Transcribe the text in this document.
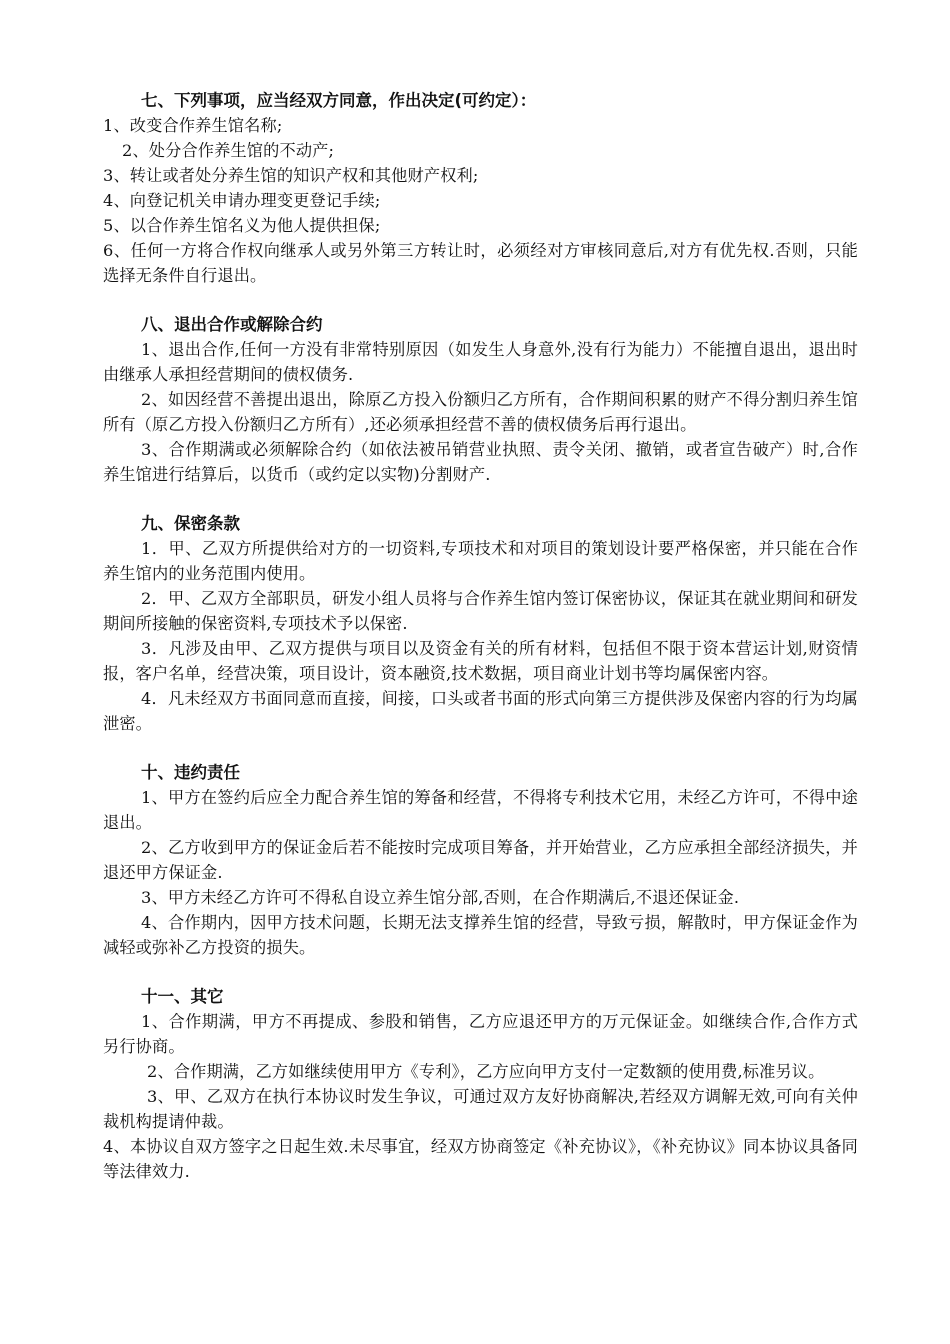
七、下列事项，应当经双方同意，作出决定(可约定）：

1、改变合作养生馆名称;

2、处分合作养生馆的不动产;

3、转让或者处分养生馆的知识产权和其他财产权利;

4、向登记机关申请办理变更登记手续;

5、以合作养生馆名义为他人提供担保;

6、任何一方将合作权向继承人或另外第三方转让时，必须经对方审核同意后,对方有优先权.否则，只能选择无条件自行退出。

八、退出合作或解除合约

1、退出合作,任何一方没有非常特别原因（如发生人身意外,没有行为能力）不能擅自退出，退出时由继承人承担经营期间的债权债务.

2、如因经营不善提出退出，除原乙方投入份额归乙方所有，合作期间积累的财产不得分割归养生馆所有（原乙方投入份额归乙方所有）,还必须承担经营不善的债权债务后再行退出。

3、合作期满或必须解除合约（如依法被吊销营业执照、责令关闭、撤销，或者宣告破产）时,合作养生馆进行结算后，以货币（或约定以实物)分割财产.

九、保密条款

1．甲、乙双方所提供给对方的一切资料,专项技术和对项目的策划设计要严格保密，并只能在合作养生馆内的业务范围内使用。

2．甲、乙双方全部职员，研发小组人员将与合作养生馆内签订保密协议，保证其在就业期间和研发期间所接触的保密资料,专项技术予以保密.

3．凡涉及由甲、乙双方提供与项目以及资金有关的所有材料，包括但不限于资本营运计划,财资情报，客户名单，经营决策，项目设计，资本融资,技术数据，项目商业计划书等均属保密内容。

4．凡未经双方书面同意而直接，间接，口头或者书面的形式向第三方提供涉及保密内容的行为均属泄密。

十、违约责任

1、甲方在签约后应全力配合养生馆的筹备和经营，不得将专利技术它用，未经乙方许可，不得中途退出。

2、乙方收到甲方的保证金后若不能按时完成项目筹备，并开始营业，乙方应承担全部经济损失，并退还甲方保证金.

3、甲方未经乙方许可不得私自设立养生馆分部,否则，在合作期满后,不退还保证金.

4、合作期内，因甲方技术问题，长期无法支撑养生馆的经营，导致亏损，解散时，甲方保证金作为减轻或弥补乙方投资的损失。

十一、其它

1、合作期满，甲方不再提成、参股和销售，乙方应退还甲方的万元保证金。如继续合作,合作方式另行协商。

2、合作期满，乙方如继续使用甲方《专利》，乙方应向甲方支付一定数额的使用费,标准另议。

3、甲、乙双方在执行本协议时发生争议，可通过双方友好协商解决,若经双方调解无效,可向有关仲裁机构提请仲裁。

4、本协议自双方签字之日起生效.未尽事宜，经双方协商签定《补充协议》，《补充协议》同本协议具备同等法律效力.
